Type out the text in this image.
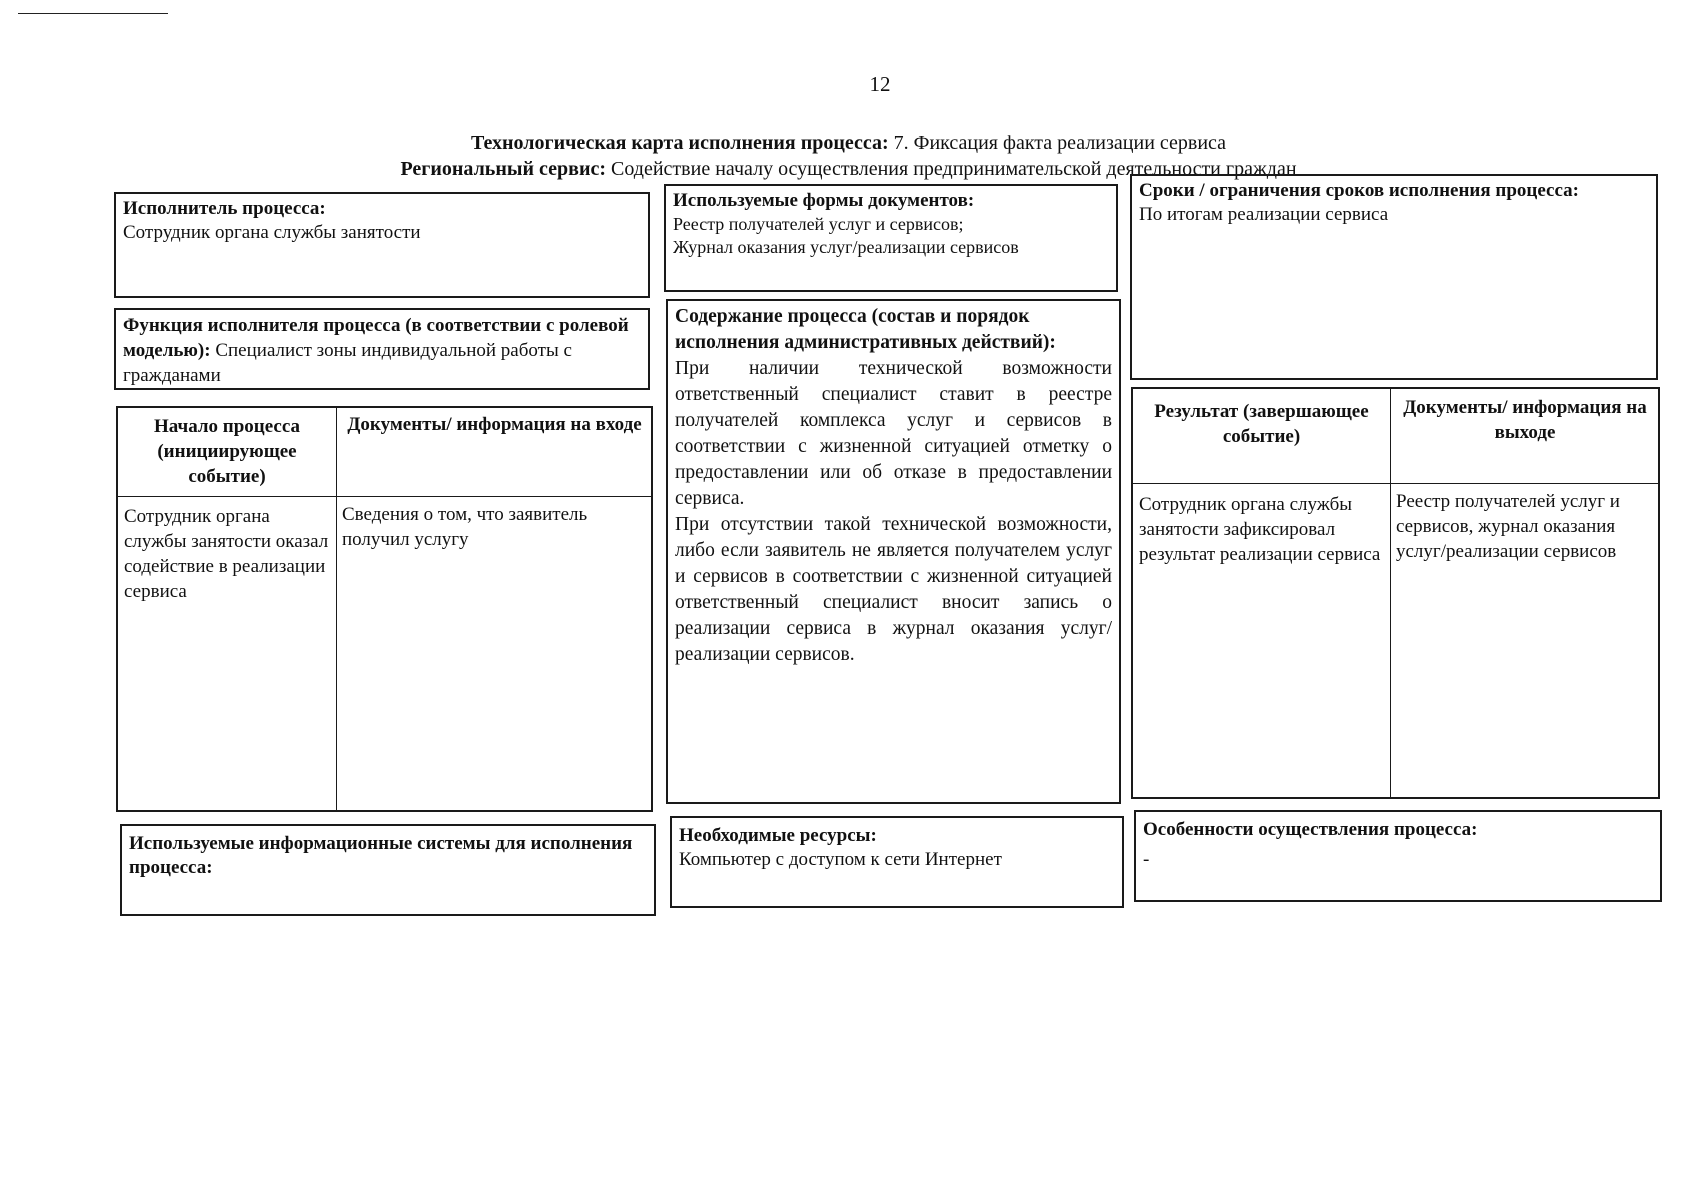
12
Технологическая карта исполнения процесса: 7. Фиксация факта реализации сервиса
Региональный сервис: Содействие началу осуществления предпринимательской деятельности граждан
Исполнитель процесса:
Сотрудник органа службы занятости
Функция исполнителя процесса (в соответствии с ролевой моделью): Специалист зоны индивидуальной работы с гражданами
Начало процесса (инициирующее событие)
Документы/ информация на входе
Сотрудник органа службы занятости оказал содействие в реализации сервиса
Сведения о том, что заявитель получил услугу
Используемые информационные системы для исполнения процесса:
Используемые формы документов:
Реестр получателей услуг и сервисов;
Журнал оказания услуг/реализации сервисов
Содержание процесса (состав и порядок исполнения административных действий):

При наличии технической возможности ответственный специалист ставит в реестре получателей комплекса услуг и сервисов в соответствии с жизненной ситуацией отметку о предоставлении или об отказе в предоставлении сервиса.

При отсутствии такой технической возможности, либо если заявитель не является получателем услуг и сервисов в соответствии с жизненной ситуацией ответственный специалист вносит запись о реализации сервиса в журнал оказания услуг/реализации сервисов.

Необходимые ресурсы:
Компьютер с доступом к сети Интернет
Сроки / ограничения сроков исполнения процесса:
По итогам реализации сервиса
Результат (завершающее событие)
Документы/ информация на выходе
Сотрудник органа службы занятости зафиксировал результат реализации сервиса
Реестр получателей услуг и сервисов, журнал оказания услуг/реализации сервисов
Особенности осуществления процесса:
-
